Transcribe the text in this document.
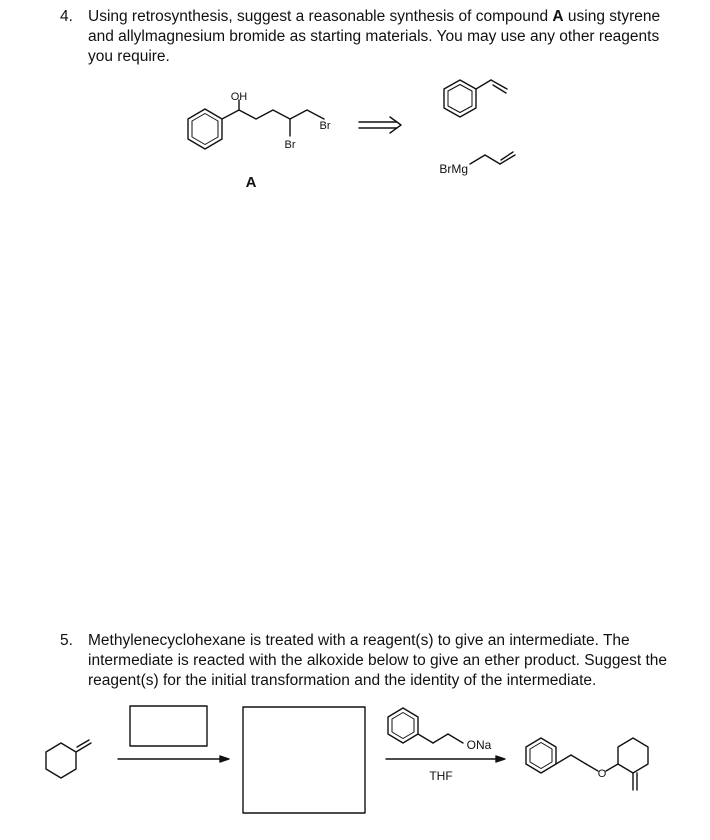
4. Using retrosynthesis, suggest a reasonable synthesis of compound A using styrene and allylmagnesium bromide as starting materials. You may use any other reagents you require.
5. Methylenecyclohexane is treated with a reagent(s) to give an intermediate. The intermediate is reacted with the alkoxide below to give an ether product. Suggest the reagent(s) for the initial transformation and the identity of the intermediate.
OH
Br
Br
A
BrMg
ONa
THF	O
